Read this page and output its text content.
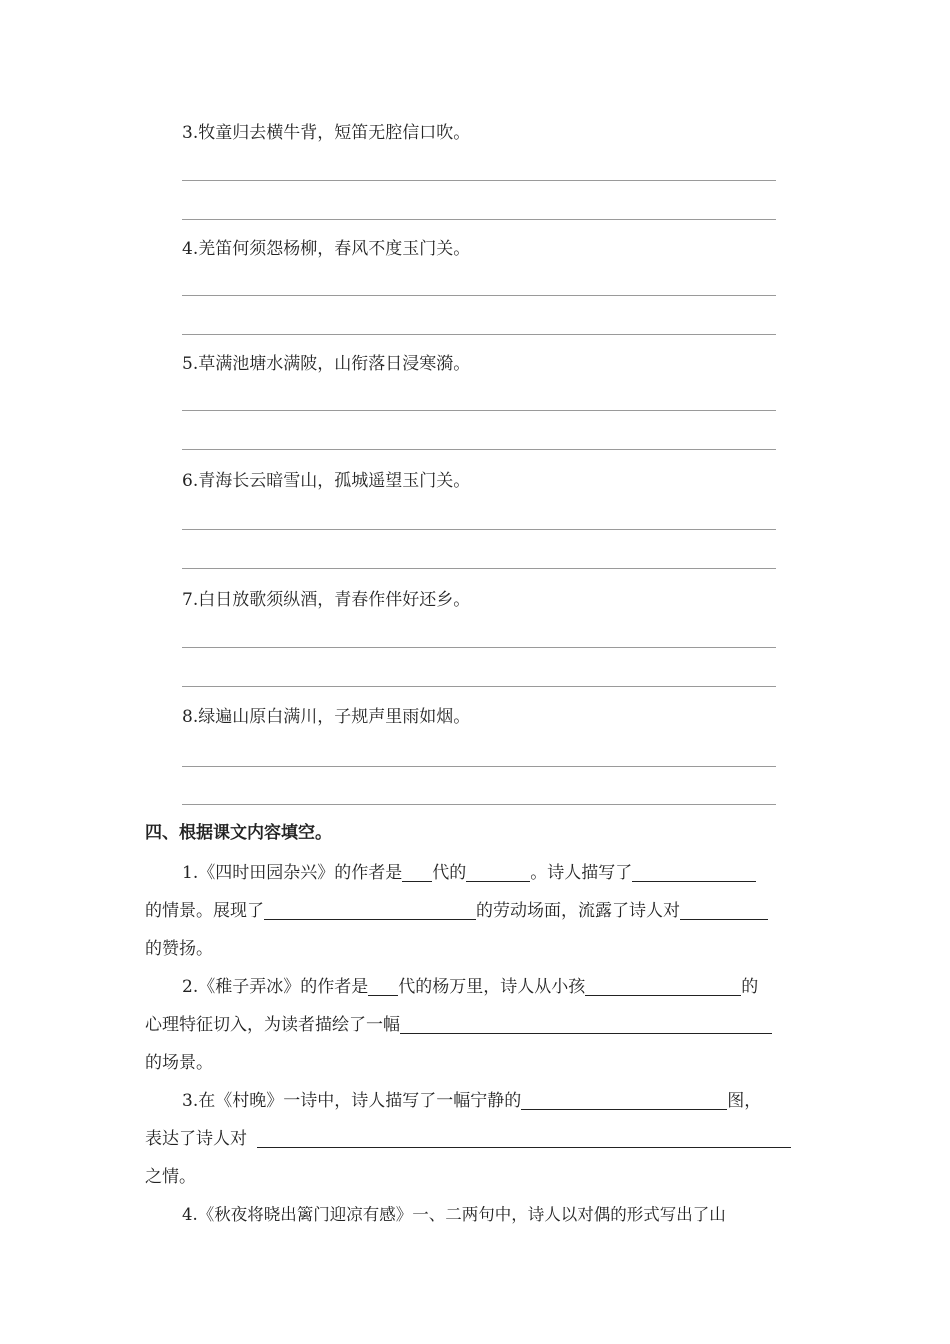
3.牧童归去横牛背，短笛无腔信口吹。
4.羌笛何须怨杨柳，春风不度玉门关。
5.草满池塘水满陂，山衔落日浸寒漪。
6.青海长云暗雪山，孤城遥望玉门关。
7.白日放歌须纵酒，青春作伴好还乡。
8.绿遍山原白满川，子规声里雨如烟。
四、根据课文内容填空。
1.《四时田园杂兴》的作者是 代的	。诗人描写了
的情景。展现了	的劳动场面，流露了诗人对
的赞扬。
2.《稚子弄冰》的作者是 代的杨万里，诗人从小孩	的
心理特征切入，为读者描绘了一幅
的场景。
3.在《村晚》一诗中，诗人描写了一幅宁静的	图，
表达了诗人对
之情。
4.《秋夜将晓出篱门迎凉有感》一、二两句中，诗人以对偶的形式写出了山
